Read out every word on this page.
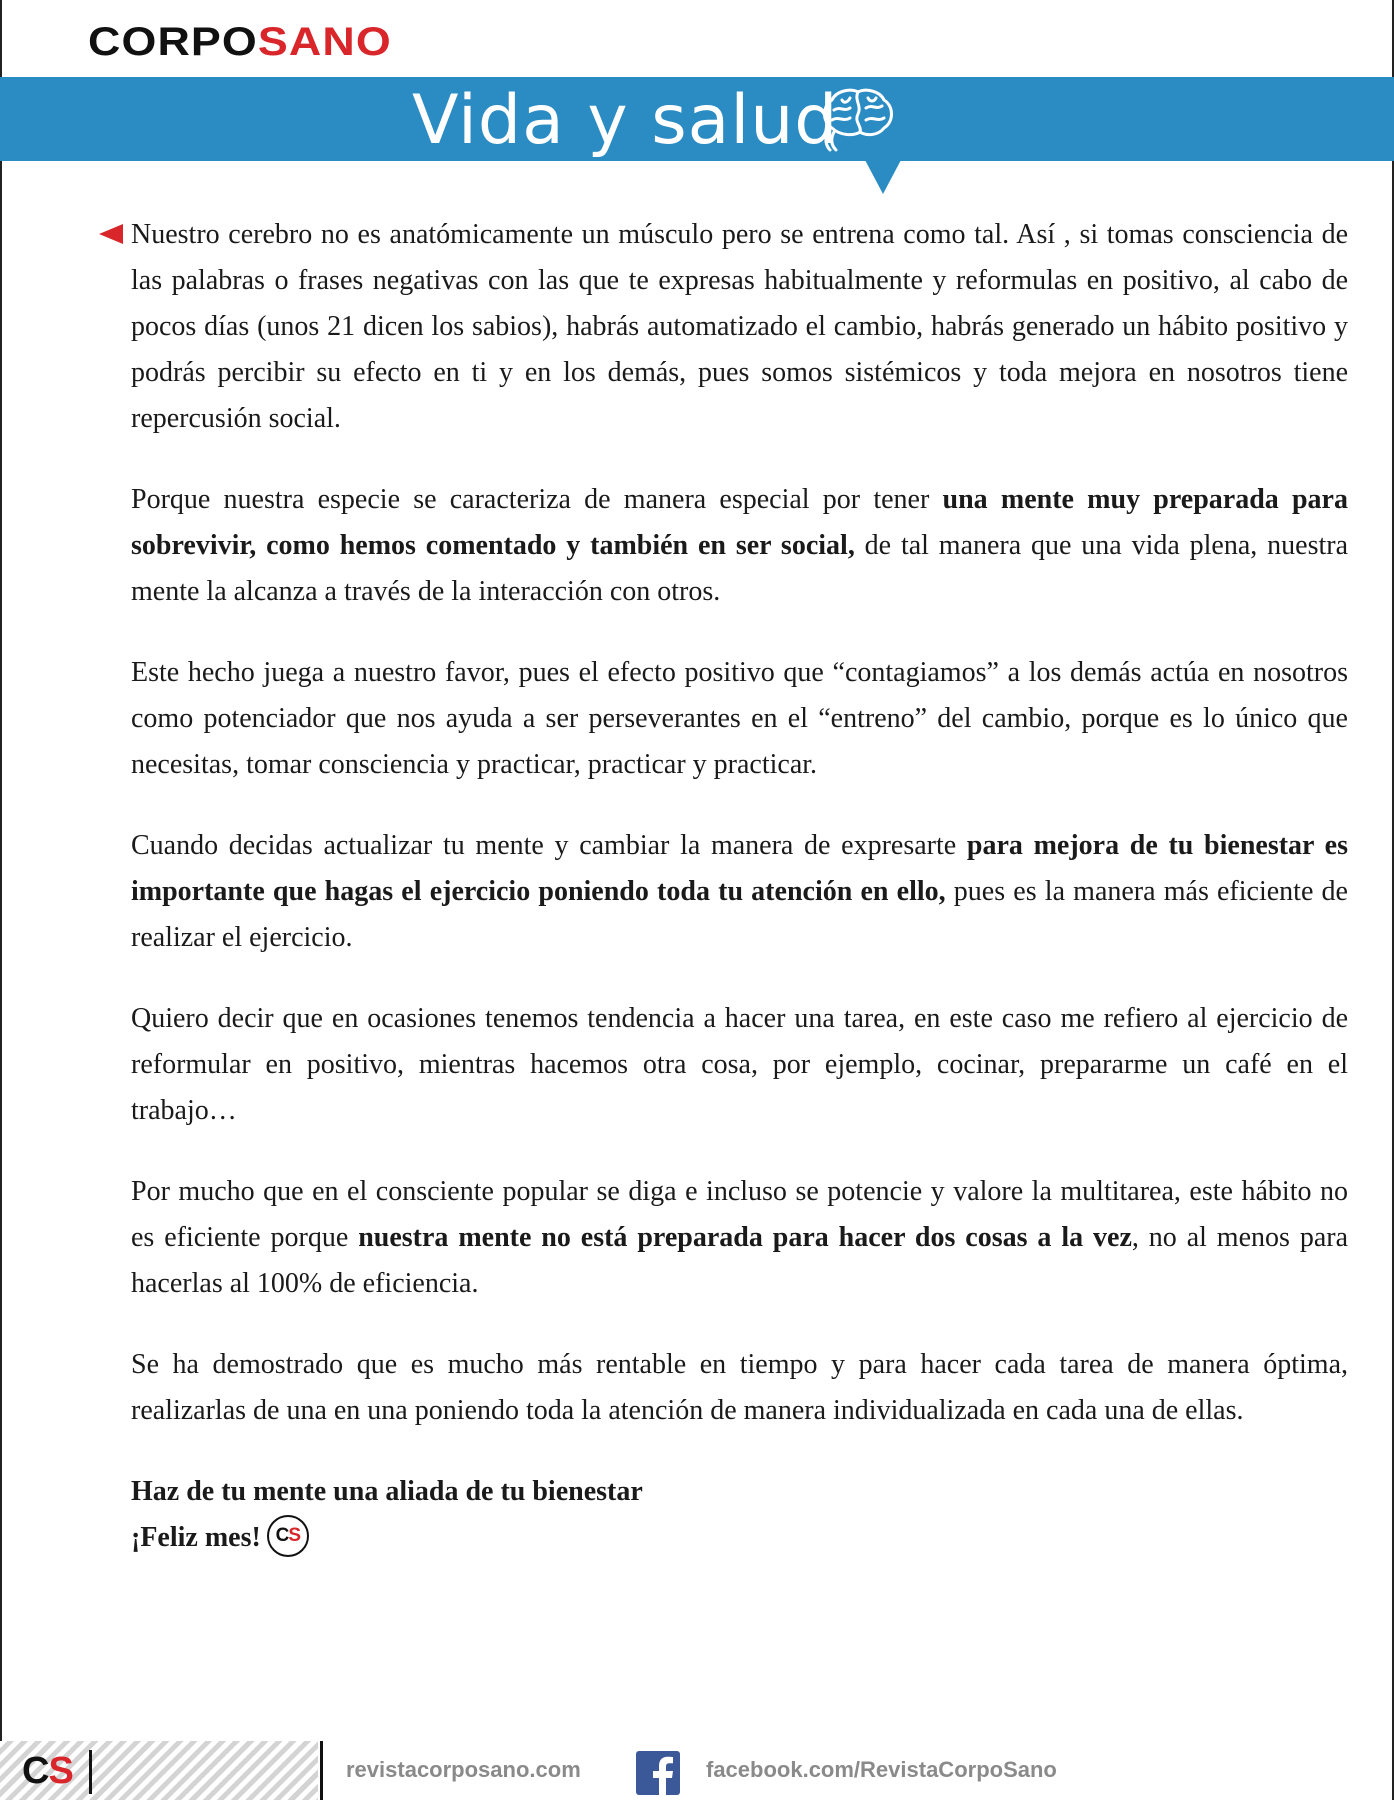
CORPOSANO
Vida y salud

Nuestro cerebro no es anatómicamente un músculo pero se entrena como tal. Así , si tomas consciencia de las palabras o frases negativas con las que te expresas habitualmente y reformulas en positivo, al cabo de pocos días (unos 21 dicen los sabios), habrás automatizado el cambio, habrás generado un hábito positivo y podrás percibir su efecto en ti y en los demás, pues somos sistémicos y toda mejora en nosotros tiene repercusión social.

Porque nuestra especie se caracteriza de manera especial por tener una mente muy preparada para sobrevivir, como hemos comentado y también en ser social, de tal manera que una vida plena, nuestra mente la alcanza a través de la interacción con otros.

Este hecho juega a nuestro favor, pues el efecto positivo que “contagiamos” a los demás actúa en nosotros como potenciador que nos ayuda a ser perseverantes en el “entreno” del cambio, porque es lo único que necesitas, tomar consciencia y practicar, practicar y practicar.

Cuando decidas actualizar tu mente y cambiar la manera de expresarte para mejora de tu bienestar es importante que hagas el ejercicio poniendo toda tu atención en ello, pues es la manera más eficiente de realizar el ejercicio.

Quiero decir que en ocasiones tenemos tendencia a hacer una tarea, en este caso me refiero al ejercicio de reformular en positivo, mientras hacemos otra cosa, por ejemplo, cocinar, prepararme un café en el trabajo…

Por mucho que en el consciente popular se diga e incluso se potencie y valore la multitarea, este hábito no es eficiente porque nuestra mente no está preparada para hacer dos cosas a la vez, no al menos para hacerlas al 100% de eficiencia.

Se ha demostrado que es mucho más rentable en tiempo y para hacer cada tarea de manera óptima, realizarlas de una en una poniendo toda la atención de manera individualizada en cada una de ellas.

Haz de tu mente una aliada de tu bienestar
¡Feliz mes! CS
CS	revistacorposano.com	facebook.com/RevistaCorpoSano
